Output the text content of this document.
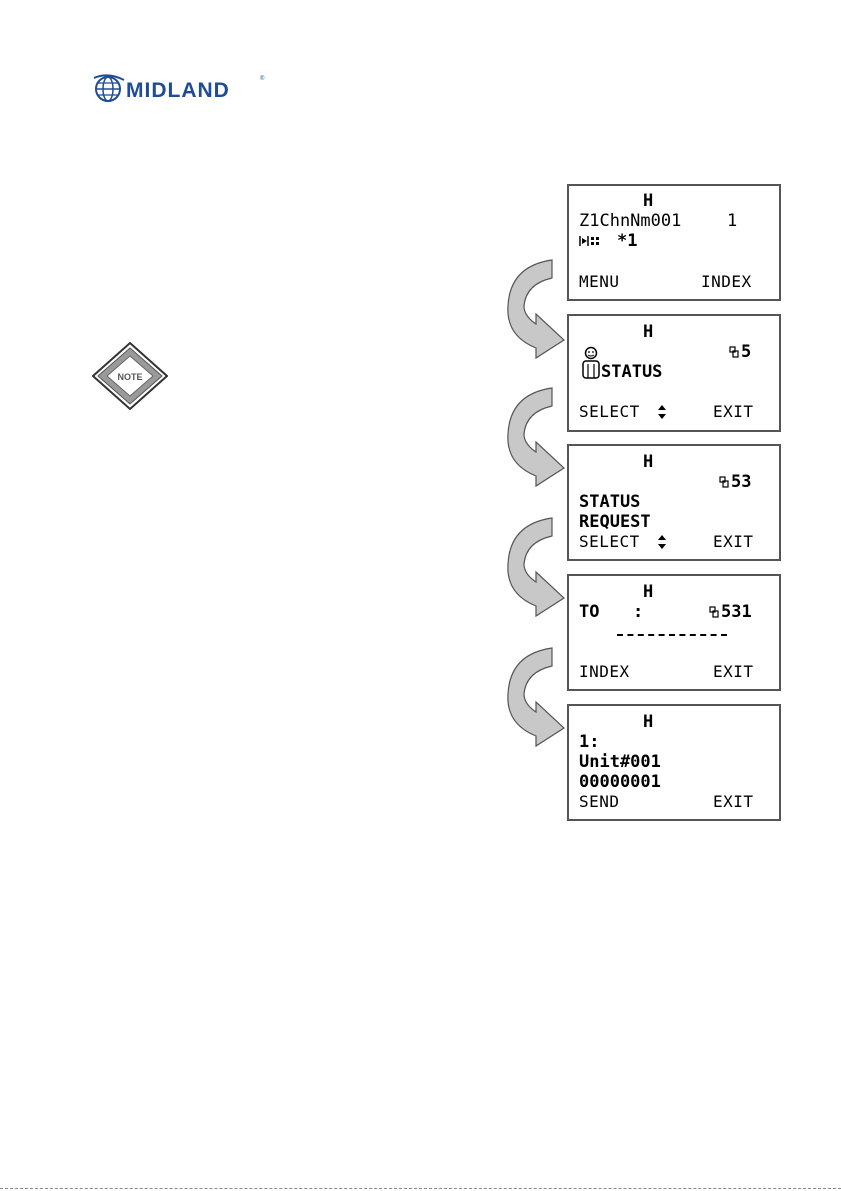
MIDLAND	®
NOTE
H
Z1ChnNm001	1
*1
MENU	INDEX
H
5
STATUS
SELECT	EXIT
H
53
STATUS
REQUEST
SELECT	EXIT
H
TO :	531
INDEX	EXIT
H
1:
Unit#001
00000001
SEND	EXIT
